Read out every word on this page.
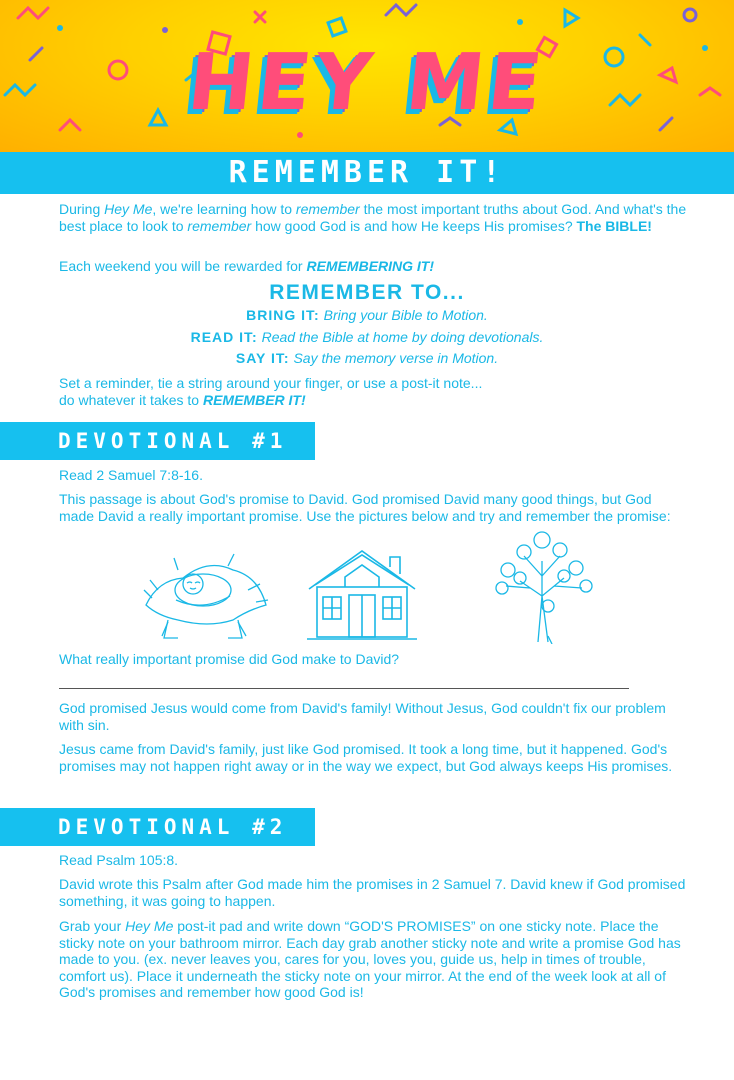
HEY ME
REMEMBER IT!

During Hey Me, we're learning how to remember the most important truths about God. And what's the best place to look to remember how good God is and how He keeps His promises? The BIBLE!

Each weekend you will be rewarded for REMEMBERING IT!

REMEMBER TO...
BRING IT: Bring your Bible to Motion.
READ IT: Read the Bible at home by doing devotionals.
SAY IT: Say the memory verse in Motion.

Set a reminder, tie a string around your finger, or use a post-it note...
do whatever it takes to REMEMBER IT!

DEVOTIONAL #1

Read 2 Samuel 7:8-16.

This passage is about God's promise to David. God promised David many good things, but God made David a really important promise. Use the pictures below and try and remember the promise:

What really important promise did God make to David?

God promised Jesus would come from David's family! Without Jesus, God couldn't fix our problem with sin.

Jesus came from David's family, just like God promised. It took a long time, but it happened. God's promises may not happen right away or in the way we expect, but God always keeps His promises.

DEVOTIONAL #2

Read Psalm 105:8.

David wrote this Psalm after God made him the promises in 2 Samuel 7. David knew if God promised something, it was going to happen.

Grab your Hey Me post-it pad and write down “GOD'S PROMISES” on one sticky note. Place the sticky note on your bathroom mirror. Each day grab another sticky note and write a promise God has made to you. (ex. never leaves you, cares for you, loves you, guide us, help in times of trouble, comfort us). Place it underneath the sticky note on your mirror. At the end of the week look at all of God's promises and remember how good God is!
